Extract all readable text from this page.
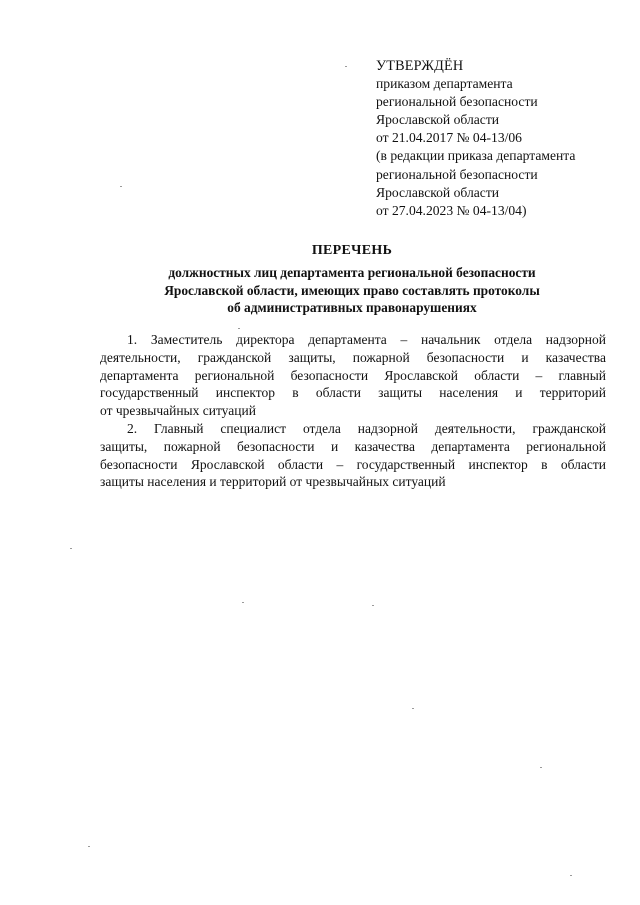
УТВЕРЖДЁН
приказом департамента
региональной безопасности
Ярославской области
от 21.04.2017 № 04-13/06
(в редакции приказа департамента
региональной безопасности
Ярославской области
от 27.04.2023 № 04-13/04)
ПЕРЕЧЕНЬ
должностных лиц департамента региональной безопасности
Ярославской области, имеющих право составлять протоколы
об административных правонарушениях

1. Заместитель директора департамента – начальник отдела надзорной
деятельности, гражданской защиты, пожарной безопасности и казачества
департамента региональной безопасности Ярославской области – главный
государственный инспектор в области защиты населения и территорий
от чрезвычайных ситуаций

2. Главный специалист отдела надзорной деятельности, гражданской
защиты, пожарной безопасности и казачества департамента региональной
безопасности Ярославской области – государственный инспектор в области
защиты населения и территорий от чрезвычайных ситуаций
